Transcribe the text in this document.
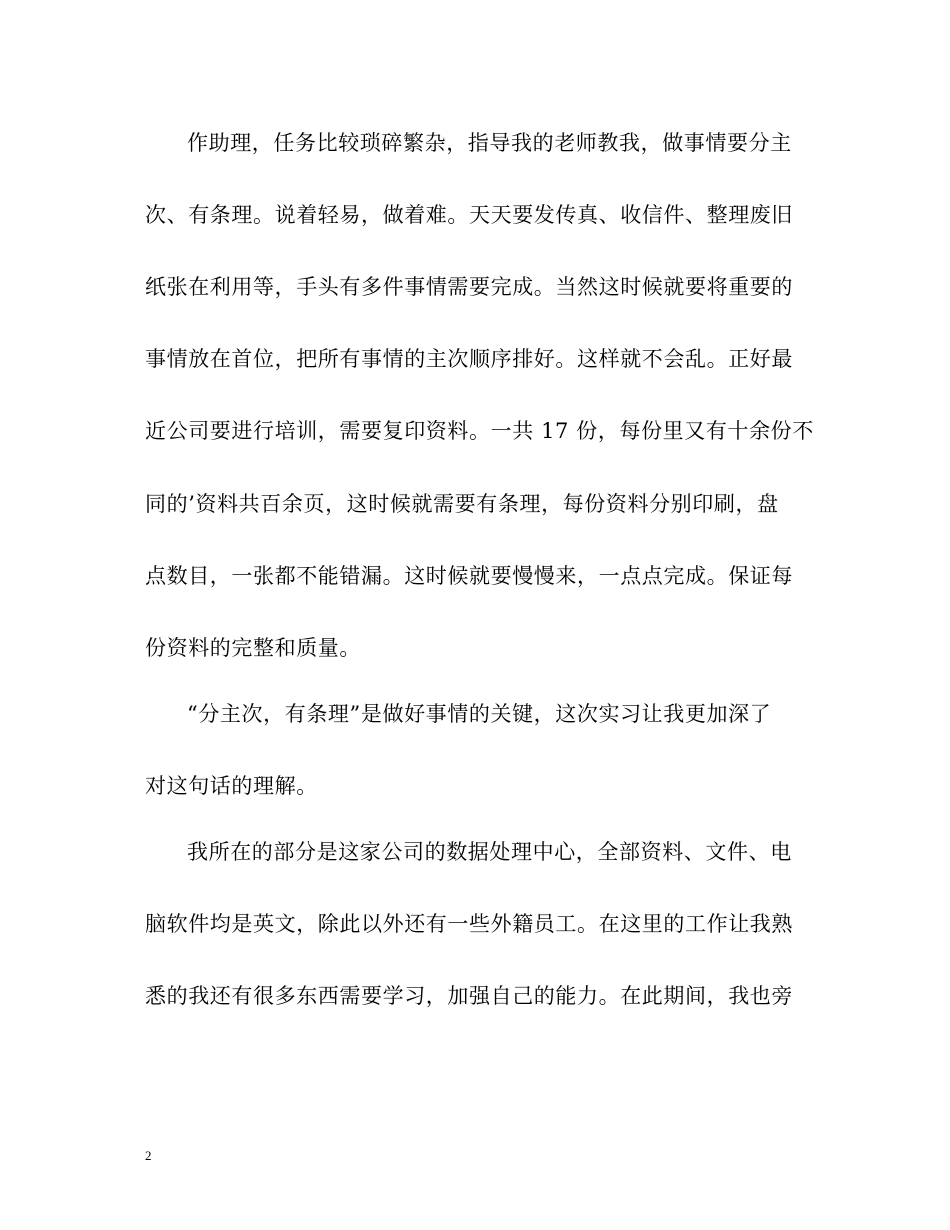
作助理，任务比较琐碎繁杂，指导我的老师教我，做事情要分主
次、有条理。说着轻易，做着难。天天要发传真、收信件、整理废旧
纸张在利用等，手头有多件事情需要完成。当然这时候就要将重要的
事情放在首位，把所有事情的主次顺序排好。这样就不会乱。正好最
近公司要进行培训，需要复印资料。一共 17 份，每份里又有十余份不
同的’资料共百余页，这时候就需要有条理，每份资料分别印刷，盘
点数目，一张都不能错漏。这时候就要慢慢来，一点点完成。保证每
份资料的完整和质量。
“分主次，有条理”是做好事情的关键，这次实习让我更加深了
对这句话的理解。
我所在的部分是这家公司的数据处理中心，全部资料、文件、电
脑软件均是英文，除此以外还有一些外籍员工。在这里的工作让我熟
悉的我还有很多东西需要学习，加强自己的能力。在此期间，我也旁
2
